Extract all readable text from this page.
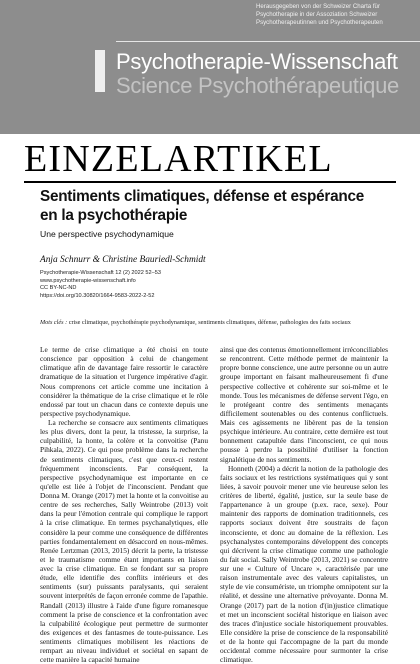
Herausgegeben von der Schweizer Charta für
Psychotherapie in der Assoziation Schweizer
Psychotherapeutinnen und Psychotherapeuten
Psychotherapie-Wissenschaft
Science Psychothérapeutique
EINZELARTIKEL
Sentiments climatiques, défense et espérance en la psychothérapie
Une perspective psychodynamique
Anja Schnurr & Christine Bauriedl-Schmidt
Psychotherapie-Wissenschaft 12 (2) 2022 52–53
www.psychotherapie-wissenschaft.info
CC BY-NC-ND
https://doi.org/10.30820/1664-9583-2022-2-52
Mots clés : crise climatique, psychothérapie psychodynamique, sentiments climatiques, défense, pathologies des faits sociaux

Le terme de crise climatique a été choisi en toute conscience par opposition à celui de changement climatique afin de davantage faire ressortir le caractère dramatique de la situation et l'urgence impérative d'agir. Nous comprenons cet article comme une incitation à considérer la thématique de la crise climatique et le rôle endossé par tout un chacun dans ce contexte depuis une perspective psychodynamique.

La recherche se consacre aux sentiments climatiques les plus divers, dont la peur, la tristesse, la surprise, la culpabilité, la honte, la colère et la convoitise (Panu Pihkala, 2022). Ce qui pose problème dans la recherche de sentiments climatiques, c'est que ceux-ci restent fréquemment inconscients. Par conséquent, la perspective psychodynamique est importante en ce qu'elle est liée à l'objet de l'inconscient. Pendant que Donna M. Orange (2017) met la honte et la convoitise au centre de ses recherches, Sally Weintrobe (2013) voit dans la peur l'émotion centrale qui complique le rapport à la crise climatique. En termes psychanalytiques, elle considère la peur comme une conséquence de différentes parties fondamentalement en désaccord en nous-mêmes. Renée Lertzman (2013, 2015) décrit la perte, la tristesse et le traumatisme comme étant importants en liaison avec la crise climatique. En se fondant sur sa propre étude, elle identifie des conflits intérieurs et des sentiments (sur) puissants paralysants, qui seraient souvent interprétés de façon erronée comme de l'apathie. Randall (2013) illustre à l'aide d'une figure romanesque comment la prise de conscience et la confrontation avec la culpabilité écologique peut permettre de surmonter des exigences et des fantasmes de toute-puissance. Les sentiments climatiques mobilisent les réactions de rempart au niveau individuel et sociétal en sapant de cette manière la capacité humaine

ainsi que des contenus émotionnellement irréconciliables se rencontrent. Cette méthode permet de maintenir la propre bonne conscience, une autre personne ou un autre groupe important en faisant malheureusement fi d'une perspective collective et cohérente sur soi-même et le monde. Tous les mécanismes de défense servent l'égo, en le protégeant contre des sentiments menaçants difficilement soutenables ou des contenus conflictuels. Mais ces agissements ne libèrent pas de la tension psychique intérieure. Au contraire, cette dernière est tout bonnement catapultée dans l'inconscient, ce qui nous pousse à perdre la possibilité d'utiliser la fonction signalétique de nos sentiments.

Honneth (2004) a décrit la notion de la pathologie des faits sociaux et les restrictions systématiques qui y sont liées, à savoir pouvoir mener une vie heureuse selon les critères de liberté, égalité, justice, sur la seule base de l'appartenance à un groupe (p.ex. race, sexe). Pour maintenir des rapports de domination traditionnels, ces rapports sociaux doivent être soustraits de façon inconsciente, et donc au domaine de la réflexion. Les psychanalystes contemporains développent des concepts qui décrivent la crise climatique comme une pathologie du fait social. Sally Weintrobe (2013, 2021) se concentre sur une « Culture of Uncare », caractérisée par une raison instrumentale avec des valeurs capitalistes, un style de vie consumériste, un triomphe omnipotent sur la réalité, et dessine une alternative prévoyante. Donna M. Orange (2017) part de la notion d'(in)justice climatique et met un inconscient sociétal historique en liaison avec des traces d'injustice sociale historiquement prouvables. Elle considère la prise de conscience de la responsabilité et de la honte qui l'accompagne de la part du monde occidental comme nécessaire pour surmonter la crise climatique.
